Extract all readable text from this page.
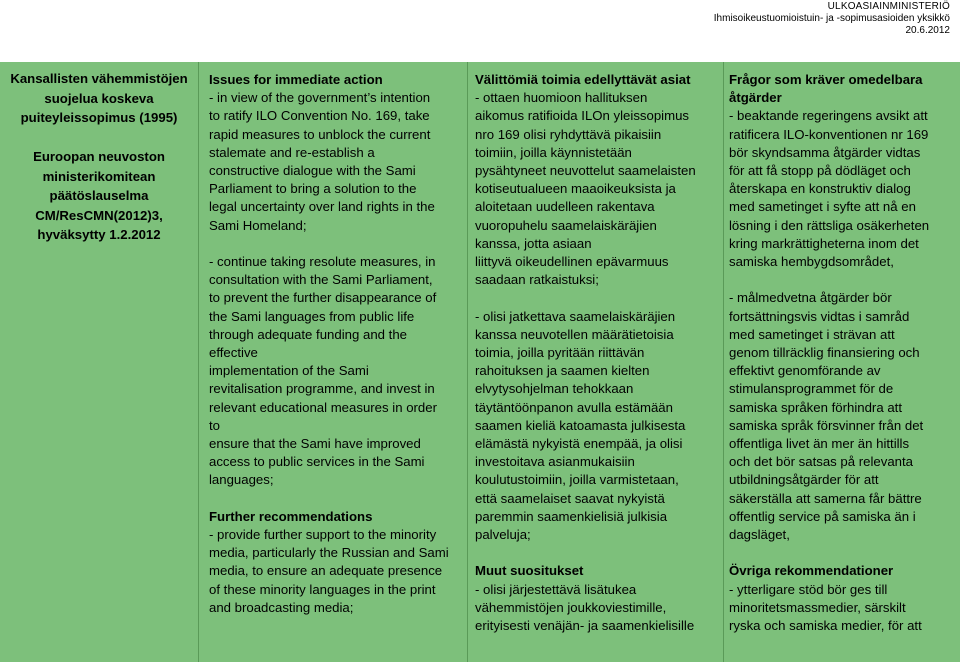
ULKOASIAINMINISTERIÖ
Ihmisoikeustuomioistuin- ja -sopimusasioiden yksikkö
20.6.2012

Kansallisten vähemmistöjen
suojelua koskeva
puiteyleissopimus (1995)

Euroopan neuvoston
ministerikomitean
päätöslauselma
CM/ResCMN(2012)3,
hyväksytty 1.2.2012

Issues for immediate action

- in view of the government’s intention
to ratify ILO Convention No. 169, take
rapid measures to unblock the current
stalemate and re-establish a
constructive dialogue with the Sami
Parliament to bring a solution to the
legal uncertainty over land rights in the
Sami Homeland;

- continue taking resolute measures, in
consultation with the Sami Parliament,
to prevent the further disappearance of
the Sami languages from public life
through adequate funding and the
effective
implementation of the Sami
revitalisation programme, and invest in
relevant educational measures in order
to
ensure that the Sami have improved
access to public services in the Sami
languages;

Further recommendations

- provide further support to the minority
media, particularly the Russian and Sami
media, to ensure an adequate presence
of these minority languages in the print
and broadcasting media;

Välittömiä toimia edellyttävät asiat

- ottaen huomioon hallituksen
aikomus ratifioida ILOn yleissopimus
nro 169 olisi ryhdyttävä pikaisiin
toimiin, joilla käynnistetään
pysähtyneet neuvottelut saamelaisten
kotiseutualueen maaoikeuksista ja
aloitetaan uudelleen rakentava
vuoropuhelu saamelaiskäräjien
kanssa, jotta asiaan
liittyvä oikeudellinen epävarmuus
saadaan ratkaistuksi;

- olisi jatkettava saamelaiskäräjien
kanssa neuvotellen määrätietoisia
toimia, joilla pyritään riittävän
rahoituksen ja saamen kielten
elvytysohjelman tehokkaan
täytäntöönpanon avulla estämään
saamen kieliä katoamasta julkisesta
elämästä nykyistä enempää, ja olisi
investoitava asianmukaisiin
koulutustoimiin, joilla varmistetaan,
että saamelaiset saavat nykyistä
paremmin saamenkielisiä julkisia
palveluja;

Muut suositukset

- olisi järjestettävä lisätukea
vähemmistöjen joukkoviestimille,
erityisesti venäjän- ja saamenkielisille

Frågor som kräver omedelbara
åtgärder

- beaktande regeringens avsikt att
ratificera ILO-konventionen nr 169
bör skyndsamma åtgärder vidtas
för att få stopp på dödläget och
återskapa en konstruktiv dialog
med sametinget i syfte att nå en
lösning i den rättsliga osäkerheten
kring markrättigheterna inom det
samiska hembygdsområdet,

- målmedvetna åtgärder bör
fortsättningsvis vidtas i samråd
med sametinget i strävan att
genom tillräcklig finansiering och
effektivt genomförande av
stimulansprogrammet för de
samiska språken förhindra att
samiska språk försvinner från det
offentliga livet än mer än hittills
och det bör satsas på relevanta
utbildningsåtgärder för att
säkerställa att samerna får bättre
offentlig service på samiska än i
dagsläget,

Övriga rekommendationer

- ytterligare stöd bör ges till
minoritetsmassmedier, särskilt
ryska och samiska medier, för att
